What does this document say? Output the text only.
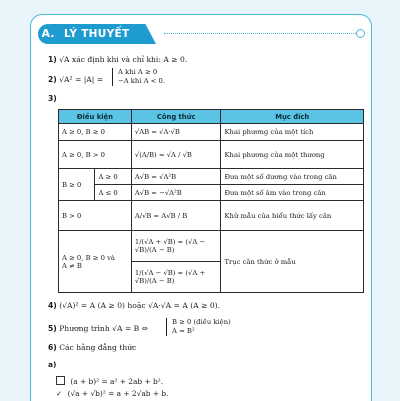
A. LÝ THUYẾT
1) √A xác định khi và chỉ khi: A ≥ 0.
2) √A² = |A| =
A khi A ≥ 0
−A khi A < 0.
3)
Điều kiện		Công thức	Mục đích
A ≥ 0, B ≥ 0		√AB = √A·√B	Khai phương của một tích
A ≥ 0, B > 0		√(A/B) = √A / √B	Khai phương của một thương
B ≥ 0	A ≥ 0	A√B = √A²B	Đưa một số dương vào trong căn
	A ≤ 0	A√B = −√A²B	Đưa một số âm vào trong căn
B > 0		A/√B = A√B / B	Khử mẫu của biểu thức lấy căn

A ≥ 0, B ≥ 0 và
A ≠ B		1/(√A + √B) = (√A − √B)/(A − B)	Trục căn thức ở mẫu
		1/(√A − √B) = (√A + √B)/(A − B)	
4) (√A)² = A (A ≥ 0) hoặc √A·√A = A (A ≥ 0).
5) Phương trình √A = B ⇔
B ≥ 0 (điều kiện)
A = B²
6) Các hằng đẳng thức
a)
(a + b)² = a² + 2ab + b².
✓ (√a + √b)² = a + 2√ab + b.
